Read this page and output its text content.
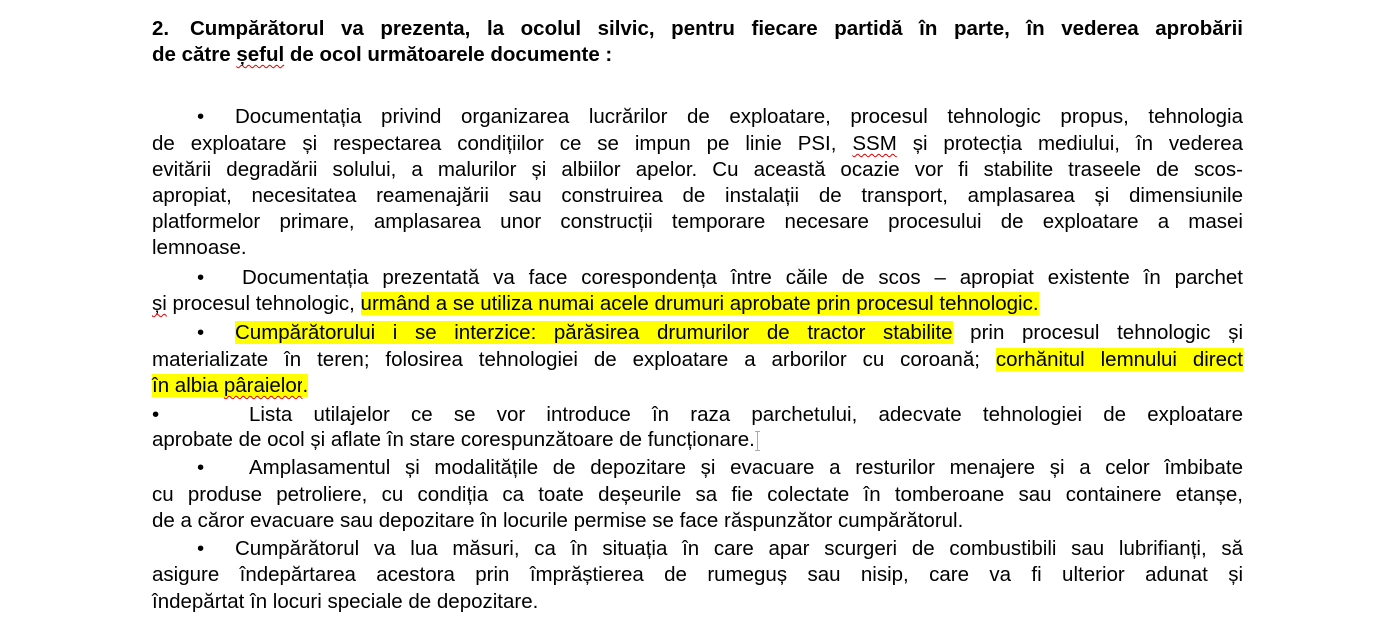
Cumpărătorul va prezenta, la ocolul silvic, pentru fiecare partidă în parte, în vederea aprobării
2.
de către șeful de ocol următoarele documente :
Documentația privind organizarea lucrărilor de exploatare, procesul tehnologic propus, tehnologia
•
de exploatare și respectarea condițiilor ce se impun pe linie PSI, SSM și protecția mediului, în vederea
evitării degradării solului, a malurilor și albiilor apelor. Cu această ocazie vor fi stabilite traseele de scos-
apropiat, necesitatea reamenajării sau construirea de instalații de transport, amplasarea și dimensiunile
platformelor primare, amplasarea unor construcții temporare necesare procesului de exploatare a masei
lemnoase.
Documentația prezentată va face corespondența între căile de scos – apropiat existente în parchet
•
și procesul tehnologic, urmând a se utiliza numai acele drumuri aprobate prin procesul tehnologic.
Cumpărătorului i se interzice: părăsirea drumurilor de tractor stabilite prin procesul tehnologic și
•
materializate în teren; folosirea tehnologiei de exploatare a arborilor cu coroană; corhănitul lemnului direct
în albia pâraielor.
Lista utilajelor ce se vor introduce în raza parchetului, adecvate tehnologiei de exploatare
•
aprobate de ocol și aflate în stare corespunzătoare de funcționare.
Amplasamentul și modalitățile de depozitare și evacuare a resturilor menajere și a celor îmbibate
•
cu produse petroliere, cu condiția ca toate deșeurile sa fie colectate în tomberoane sau containere etanșe,
de a căror evacuare sau depozitare în locurile permise se face răspunzător cumpărătorul.
Cumpărătorul va lua măsuri, ca în situația în care apar scurgeri de combustibili sau lubrifianți, să
•
asigure îndepărtarea acestora prin împrăștierea de rumeguș sau nisip, care va fi ulterior adunat și
îndepărtat în locuri speciale de depozitare.
